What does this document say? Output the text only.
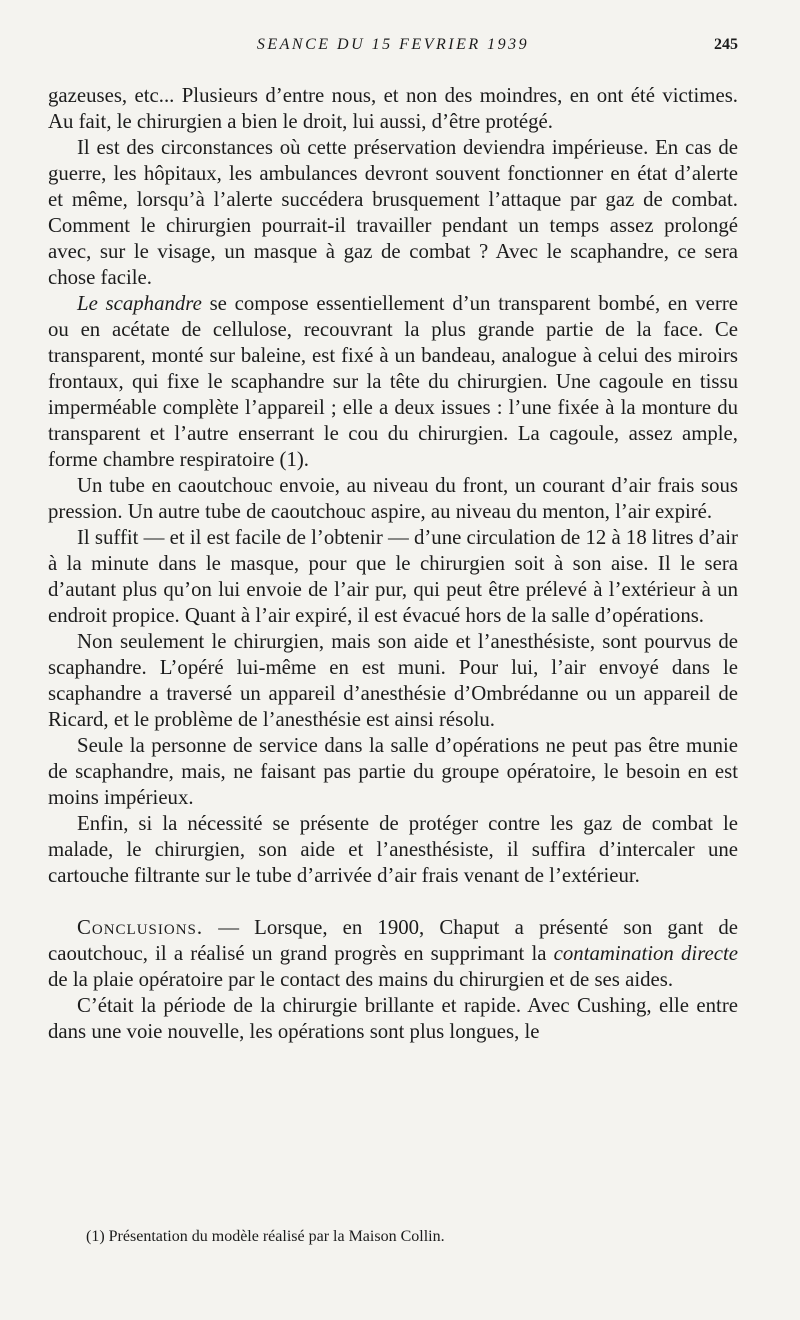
SEANCE DU 15 FEVRIER 1939	245

gazeuses, etc... Plusieurs d’entre nous, et non des moindres, en ont été victimes. Au fait, le chirurgien a bien le droit, lui aussi, d’être protégé.

Il est des circonstances où cette préservation deviendra impérieuse. En cas de guerre, les hôpitaux, les ambulances devront souvent fonctionner en état d’alerte et même, lorsqu’à l’alerte succédera brusquement l’attaque par gaz de combat. Comment le chirurgien pourrait-il travailler pendant un temps assez prolongé avec, sur le visage, un masque à gaz de combat ? Avec le scaphandre, ce sera chose facile.

Le scaphandre se compose essentiellement d’un transparent bombé, en verre ou en acétate de cellulose, recouvrant la plus grande partie de la face. Ce transparent, monté sur baleine, est fixé à un bandeau, analogue à celui des miroirs frontaux, qui fixe le scaphandre sur la tête du chirurgien. Une cagoule en tissu imperméable complète l’appareil ; elle a deux issues : l’une fixée à la monture du transparent et l’autre enserrant le cou du chirurgien. La cagoule, assez ample, forme chambre respiratoire (1).

Un tube en caoutchouc envoie, au niveau du front, un courant d’air frais sous pression. Un autre tube de caoutchouc aspire, au niveau du menton, l’air expiré.

Il suffit — et il est facile de l’obtenir — d’une circulation de 12 à 18 litres d’air à la minute dans le masque, pour que le chirurgien soit à son aise. Il le sera d’autant plus qu’on lui envoie de l’air pur, qui peut être prélevé à l’extérieur à un endroit propice. Quant à l’air expiré, il est évacué hors de la salle d’opérations.

Non seulement le chirurgien, mais son aide et l’anesthésiste, sont pourvus de scaphandre. L’opéré lui-même en est muni. Pour lui, l’air envoyé dans le scaphandre a traversé un appareil d’anesthésie d’Ombrédanne ou un appareil de Ricard, et le problème de l’anesthésie est ainsi résolu.

Seule la personne de service dans la salle d’opérations ne peut pas être munie de scaphandre, mais, ne faisant pas partie du groupe opératoire, le besoin en est moins impérieux.

Enfin, si la nécessité se présente de protéger contre les gaz de combat le malade, le chirurgien, son aide et l’anesthésiste, il suffira d’intercaler une cartouche filtrante sur le tube d’arrivée d’air frais venant de l’extérieur.

Conclusions. — Lorsque, en 1900, Chaput a présenté son gant de caoutchouc, il a réalisé un grand progrès en supprimant la contamination directe de la plaie opératoire par le contact des mains du chirurgien et de ses aides.

C’était la période de la chirurgie brillante et rapide. Avec Cushing, elle entre dans une voie nouvelle, les opérations sont plus longues, le

(1) Présentation du modèle réalisé par la Maison Collin.
